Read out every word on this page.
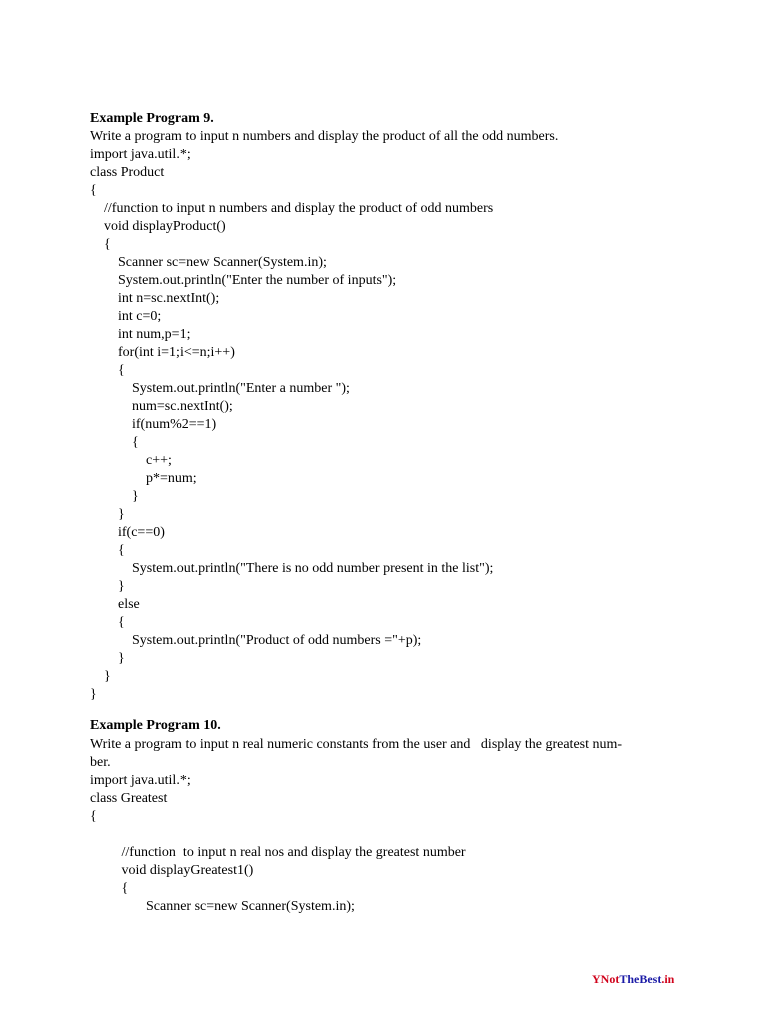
Example Program 9.
Write a program to input n numbers and display the product of all the odd numbers.
import java.util.*;
class Product
{
//function to input n numbers and display the product of odd numbers
void displayProduct()
{
Scanner sc=new Scanner(System.in);
System.out.println("Enter the number of inputs");
int n=sc.nextInt();
int c=0;
int num,p=1;
for(int i=1;i<=n;i++)
{
System.out.println("Enter a number ");
num=sc.nextInt();
if(num%2==1)
{
c++;
p*=num;
}
}
if(c==0)
{
System.out.println("There is no odd number present in the list");
}
else
{
System.out.println("Product of odd numbers ="+p);
}
}
}
Example Program 10.
Write a program to input n real numeric constants from the user and   display the greatest num-
ber.
import java.util.*;
class Greatest
{
//function  to input n real nos and display the greatest number
void displayGreatest1()
{
Scanner sc=new Scanner(System.in);
YNotTheBest.in
